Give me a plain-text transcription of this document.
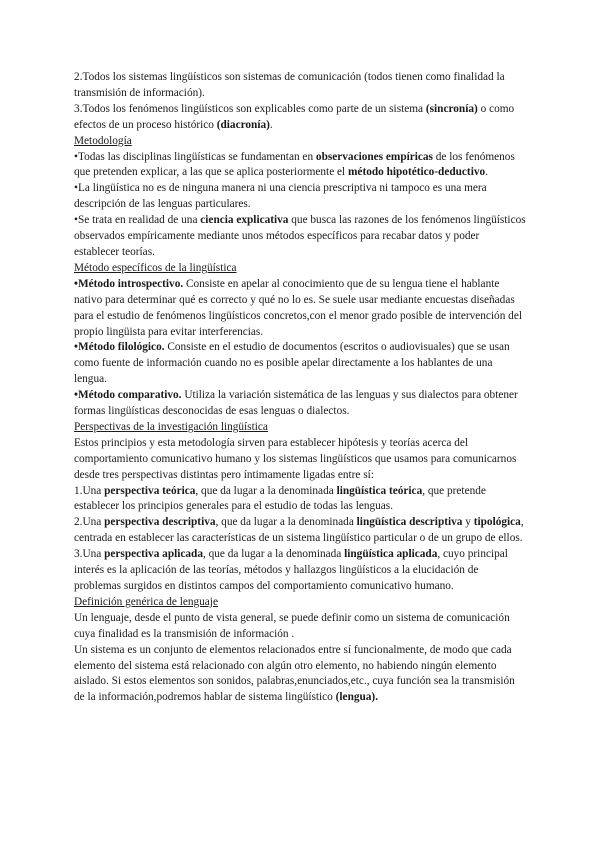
2.Todos los sistemas lingüísticos son sistemas de comunicación (todos tienen como finalidad la transmisión de información).

3.Todos los fenómenos lingüísticos son explicables como parte de un sistema (sincronía) o como efectos de un proceso histórico (diacronía).

Metodología

•Todas las disciplinas lingüísticas se fundamentan en observaciones empíricas de los fenómenos que pretenden explicar, a las que se aplica posteriormente el método hipotético-deductivo.

•La lingüística no es de ninguna manera ni una ciencia prescriptiva ni tampoco es una mera descripción de las lenguas particulares.

•Se trata en realidad de una ciencia explicativa que busca las razones de los fenómenos lingüísticos observados empíricamente mediante unos métodos específicos para recabar datos y poder establecer teorías.

Método específicos de la lingüística

•Método introspectivo. Consiste en apelar al conocimiento que de su lengua tiene el hablante nativo para determinar qué es correcto y qué no lo es. Se suele usar mediante encuestas diseñadas para el estudio de fenómenos lingüísticos concretos,con el menor grado posible de intervención del propio lingüista para evitar interferencias.

•Método filológico. Consiste en el estudio de documentos (escritos o audiovisuales) que se usan como fuente de información cuando no es posible apelar directamente a los hablantes de una lengua.

•Método comparativo. Utiliza la variación sistemática de las lenguas y sus dialectos para obtener formas lingüísticas desconocidas de esas lenguas o dialectos.

Perspectivas de la investigación lingüística

Estos principios y esta metodología sirven para establecer hipótesis y teorías acerca del comportamiento comunicativo humano y los sistemas lingüísticos que usamos para comunicarnos desde tres perspectivas distintas pero íntimamente ligadas entre sí:

1.Una perspectiva teórica, que da lugar a la denominada lingüística teórica, que pretende establecer los principios generales para el estudio de todas las lenguas.

2.Una perspectiva descriptiva, que da lugar a la denominada lingüística descriptiva y tipológica, centrada en establecer las características de un sistema lingüístico particular o de un grupo de ellos.

3.Una perspectiva aplicada, que da lugar a la denominada lingüística aplicada, cuyo principal interés es la aplicación de las teorías, métodos y hallazgos lingüísticos a la elucidación de problemas surgidos en distintos campos del comportamiento comunicativo humano.

Definición genérica de lenguaje

Un lenguaje, desde el punto de vista general, se puede definir como un sistema de comunicación cuya finalidad es la transmisión de información .

Un sistema es un conjunto de elementos relacionados entre sí funcionalmente, de modo que cada elemento del sistema está relacionado con algún otro elemento, no habiendo ningún elemento aislado. Si estos elementos son sonidos, palabras,enunciados,etc., cuya función sea la transmisión de la información,podremos hablar de sistema lingüístico (lengua).
